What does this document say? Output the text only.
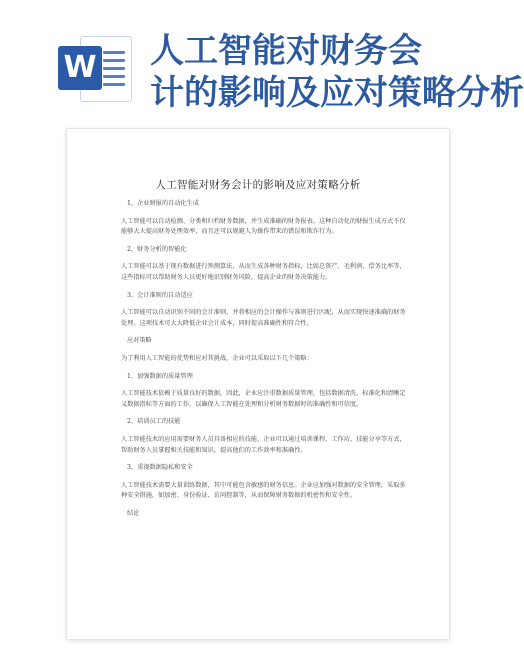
W 人工智能对财务会
计的影响及应对策略分析
人工智能对财务会计的影响及应对策略分析

1、企业财报的自动化生成

人工智能可以自动检测、分类和归档财务数据，并生成准确的财务报表。这种自动化的财报生成方式不仅能够大大提高财务处理效率，而且还可以规避人为操作带来的错误和欺诈行为。

2、财务分析的智能化

人工智能可以基于现有数据进行预测算法，从而生成各种财务指标，比如总资产、毛利润、偿务比率等，这些指标可以帮助财务人员更好地识别财务风险，提高企业的财务决策能力。

3、会计准则的自动适应

人工智能可以自动识别不同的会计准则，并将相应的会计操作与准则进行匹配，从而实现快速准确的财务处理。这项技术可大大降低企业会计成本，同时提高准确性和符合性。

应对策略

为了利用人工智能的优势和应对其挑战，企业可以采取以下几个策略：

1、加强数据的质量管理

人工智能技术依赖于质量良好的数据，因此，企业应注重数据质量管理，包括数据清洗、标准化和清晰定义数据指标等方面的工作，以确保人工智能在处理和分析财务数据时的准确性和可信度。

2、培训员工的技能

人工智能技术的应用需要财务人员具备相应的技能，企业可以通过培训课程、工作坊、技能分享等方式，帮助财务人员掌握相关技能和知识，提高他们的工作效率和准确性。

3、重视数据隐私和安全

人工智能技术需要大量训练数据，其中可能包含敏感的财务信息。企业应加强对数据的安全管理，采取多种安全措施，如加密、身份验证、访问控制等，从而保障财务数据的机密性和安全性。

结论
